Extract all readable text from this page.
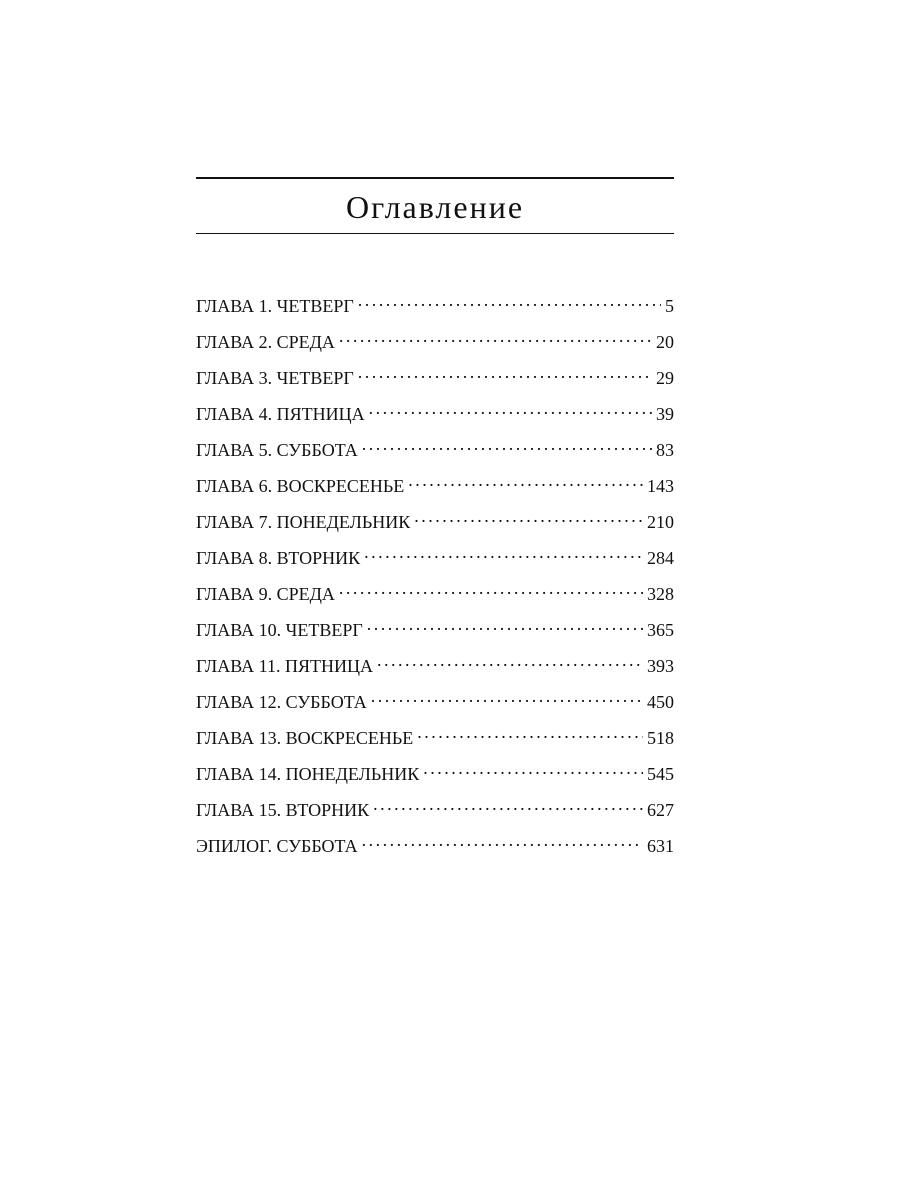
Оглавление
ГЛАВА 1. ЧЕТВЕРГ . . .	5
ГЛАВА 2. СРЕДА . . .	20
ГЛАВА 3. ЧЕТВЕРГ . . .	29
ГЛАВА 4. ПЯТНИЦА . . .	39
ГЛАВА 5. СУББОТА . . .	83
ГЛАВА 6. ВОСКРЕСЕНЬЕ . . .	143
ГЛАВА 7. ПОНЕДЕЛЬНИК . . .	210
ГЛАВА 8. ВТОРНИК . . .	284
ГЛАВА 9. СРЕДА . . .	328
ГЛАВА 10. ЧЕТВЕРГ . . .	365
ГЛАВА 11. ПЯТНИЦА . . .	393
ГЛАВА 12. СУББОТА . . .	450
ГЛАВА 13. ВОСКРЕСЕНЬЕ . . .	518
ГЛАВА 14. ПОНЕДЕЛЬНИК . . .	545
ГЛАВА 15. ВТОРНИК . . .	627
ЭПИЛОГ. СУББОТА . . .	631
